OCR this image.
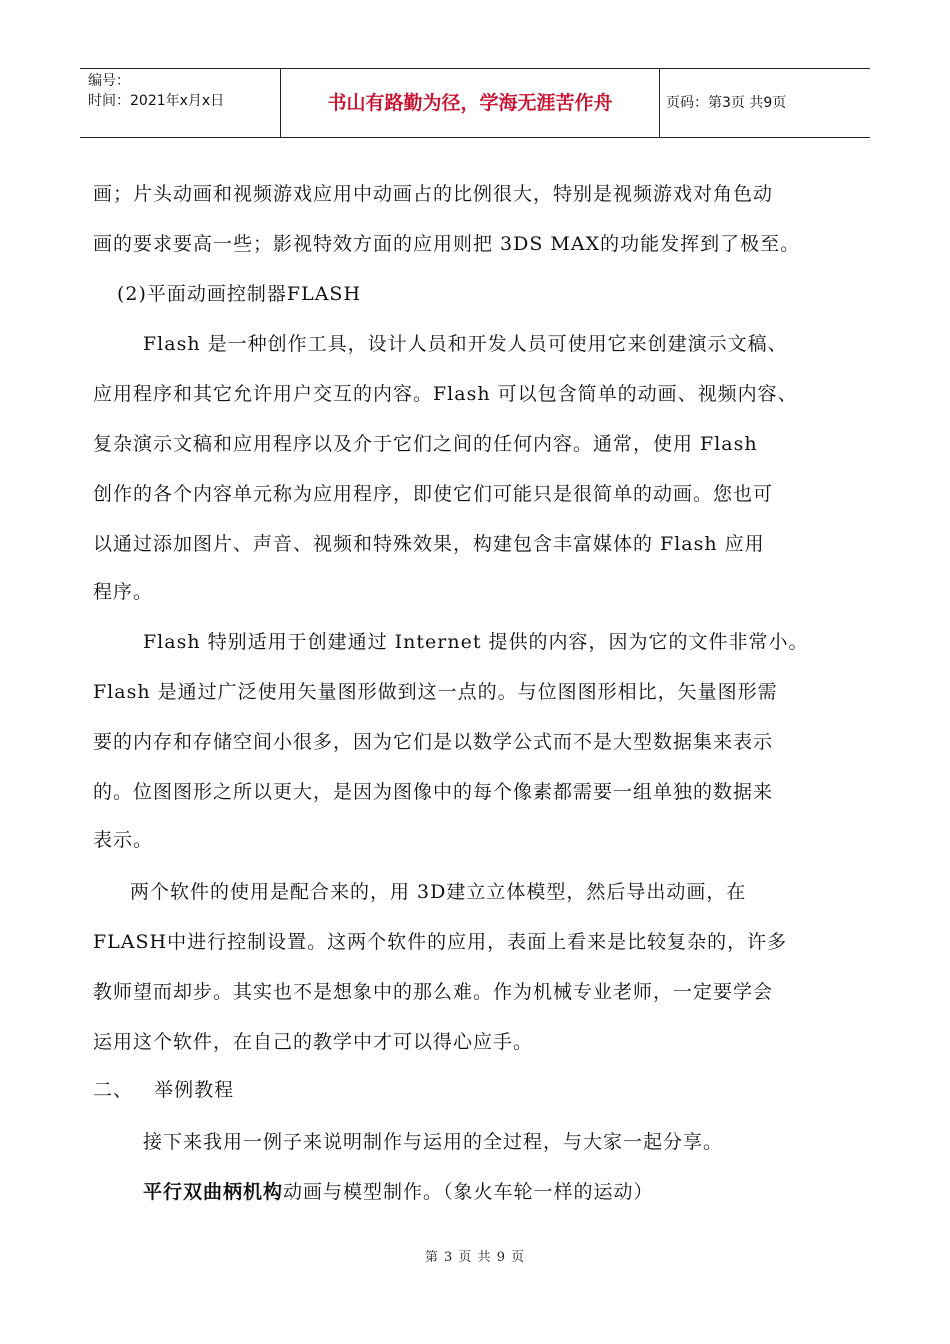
编号：
时间：2021年x月x日	书山有路勤为径，学海无涯苦作舟	页码：第3页 共9页
画；片头动画和视频游戏应用中动画占的比例很大，特别是视频游戏对角色动
画的要求要高一些；影视特效方面的应用则把 3DS MAX的功能发挥到了极至。
(2)平面动画控制器FLASH
Flash 是一种创作工具，设计人员和开发人员可使用它来创建演示文稿、
应用程序和其它允许用户交互的内容。Flash 可以包含简单的动画、视频内容、
复杂演示文稿和应用程序以及介于它们之间的任何内容。通常，使用 Flash
创作的各个内容单元称为应用程序，即使它们可能只是很简单的动画。您也可
以通过添加图片、声音、视频和特殊效果，构建包含丰富媒体的 Flash 应用
程序。
Flash 特别适用于创建通过 Internet 提供的内容，因为它的文件非常小。
Flash 是通过广泛使用矢量图形做到这一点的。与位图图形相比，矢量图形需
要的内存和存储空间小很多，因为它们是以数学公式而不是大型数据集来表示
的。位图图形之所以更大，是因为图像中的每个像素都需要一组单独的数据来
表示。
两个软件的使用是配合来的，用 3D建立立体模型，然后导出动画，在
FLASH中进行控制设置。这两个软件的应用，表面上看来是比较复杂的，许多
教师望而却步。其实也不是想象中的那么难。作为机械专业老师，一定要学会
运用这个软件，在自己的教学中才可以得心应手。
二、   举例教程
接下来我用一例子来说明制作与运用的全过程，与大家一起分享。
平行双曲柄机构动画与模型制作。（象火车轮一样的运动）
第 3 页 共 9 页
